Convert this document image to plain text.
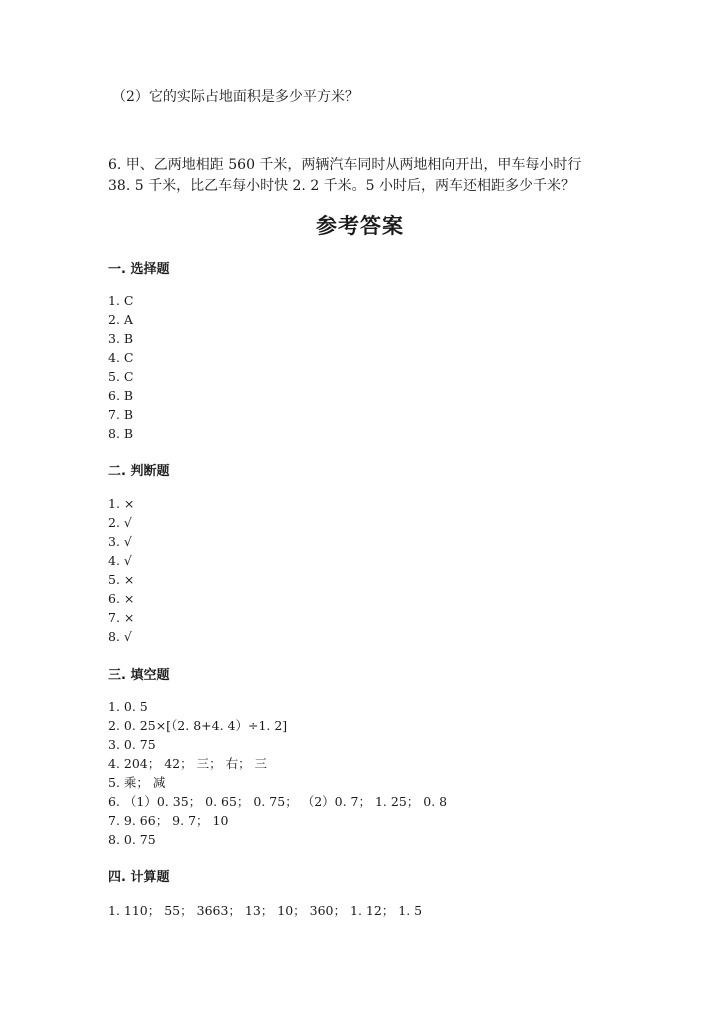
（2）它的实际占地面积是多少平方米？
6. 甲、乙两地相距 560 千米，两辆汽车同时从两地相向开出，甲车每小时行
38. 5 千米，比乙车每小时快 2. 2 千米。5 小时后，两车还相距多少千米？
参考答案
一. 选择题
1. C
2. A
3. B
4. C
5. C
6. B
7. B
8. B
二. 判断题
1. ×
2. √
3. √
4. √
5. ×
6. ×
7. ×
8. √
三. 填空题
1. 0. 5
2. 0. 25×[（2. 8+4. 4）÷1. 2]
3. 0. 75
4. 204； 42； 三； 右； 三
5. 乘； 减
6. （1）0. 35； 0. 65； 0. 75； （2）0. 7； 1. 25； 0. 8
7. 9. 66； 9. 7； 10
8. 0. 75
四. 计算题
1. 110； 55； 3663； 13； 10； 360； 1. 12； 1. 5
